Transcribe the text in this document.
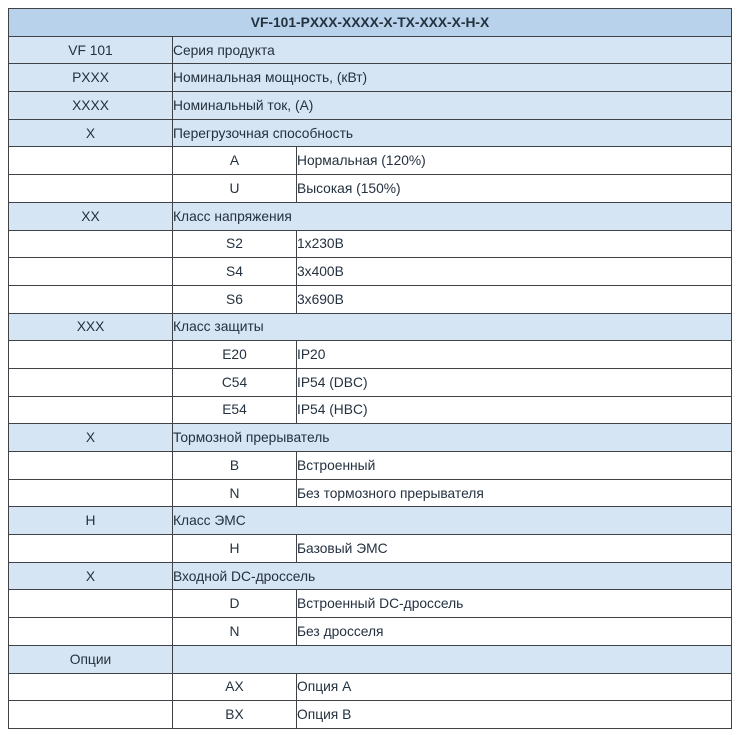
VF-101-PXXX-XXXX-X-TX-XXX-X-H-X		
VF 101	Серия продукта	
PXXX	Номинальная мощность, (кВт)	
XXXX	Номинальный ток, (А)	
X	Перегрузочная способность	
	A	Нормальная (120%)
	U	Высокая (150%)
XX	Класс напряжения	
	S2	1x230В
	S4	3x400В
	S6	3x690В
XXX	Класс защиты	
	E20	IP20
	C54	IP54 (DBC)
	E54	IP54 (HBC)
X	Тормозной прерыватель	
	B	Встроенный
	N	Без тормозного прерывателя
H	Класс ЭМС	
	H	Базовый ЭМС
X	Входной DC-дроссель	
	D	Встроенный DC-дроссель
	N	Без дросселя
Опции		
	AX	Опция A
	BX	Опция B
